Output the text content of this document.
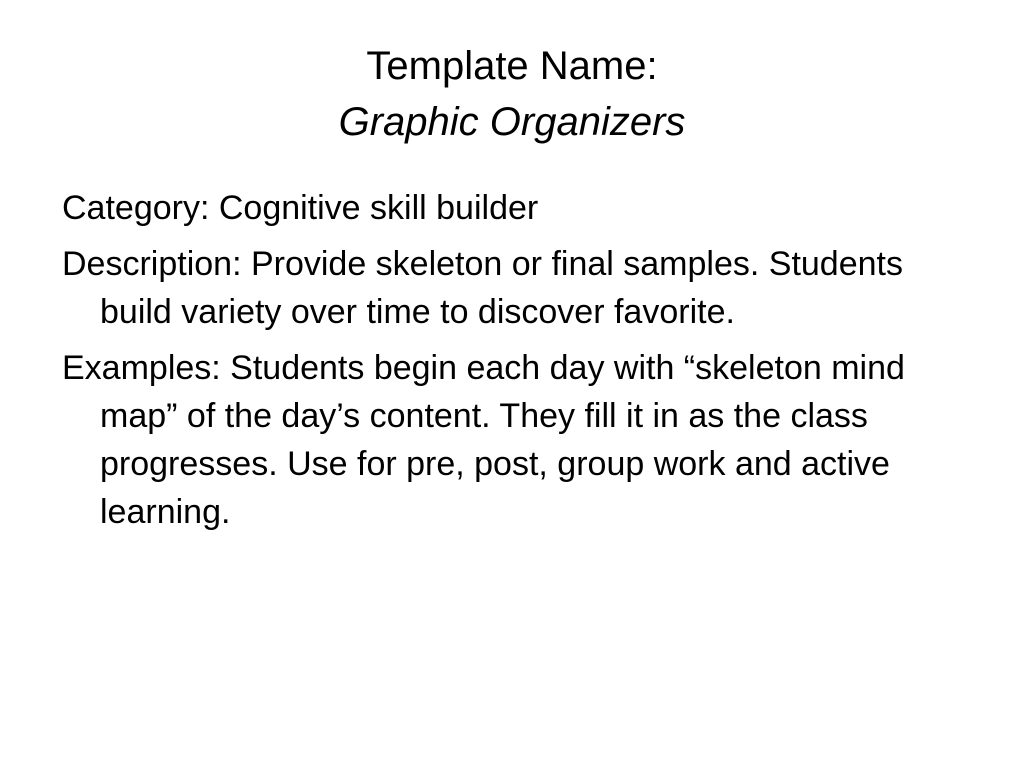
Template Name:
Graphic Organizers

Category: Cognitive skill builder

Description: Provide skeleton or final samples. Students build variety over time to discover favorite.

Examples: Students begin each day with “skeleton mind map” of the day’s content. They fill it in as the class progresses. Use for pre, post, group work and active learning.
